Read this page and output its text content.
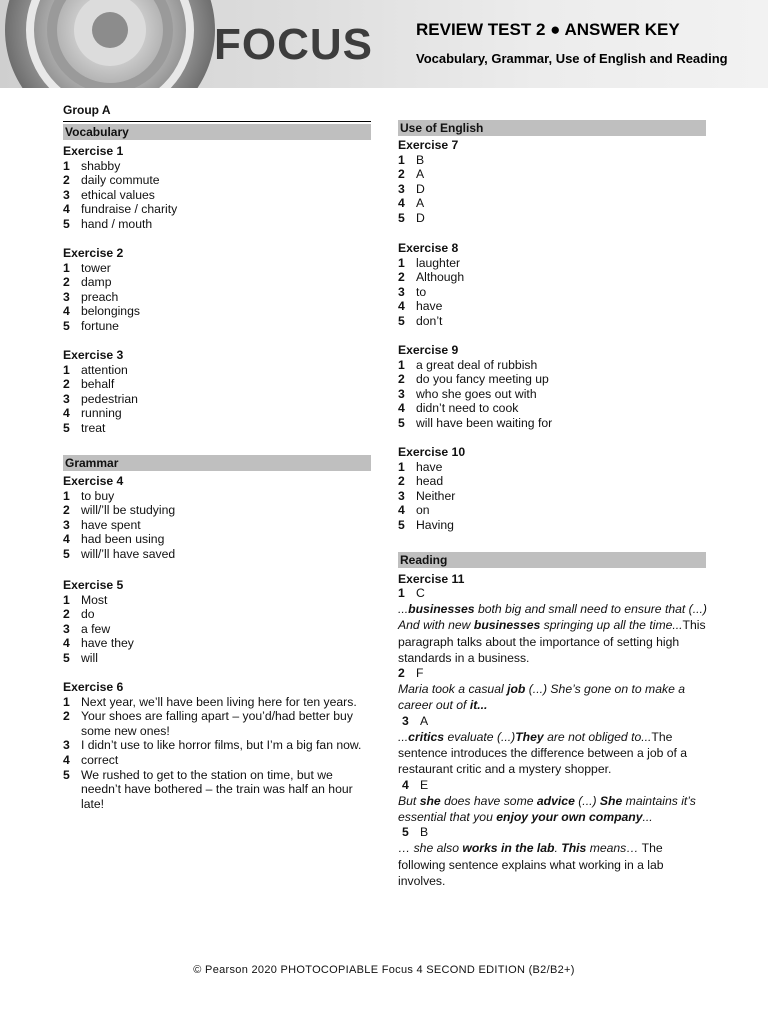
FOCUS	REVIEW TEST 2 ● ANSWER KEY
Vocabulary, Grammar, Use of English and Reading
Group A
Vocabulary
Exercise 1
1 shabby
2 daily commute
3 ethical values
4 fundraise / charity
5 hand / mouth
Exercise 2
1 tower
2 damp
3 preach
4 belongings
5 fortune
Exercise 3
1 attention
2 behalf
3 pedestrian
4 running
5 treat
Grammar
Exercise 4
1 to buy
2 will/’ll be studying
3 have spent
4 had been using
5 will/’ll have saved
Exercise 5
1 Most
2 do
3 a few
4 have they
5 will
Exercise 6
1 Next year, we’ll have been living here for ten years.
2 Your shoes are falling apart – you’d/had better buy some new ones!
3 I didn’t use to like horror films, but I’m a big fan now.
4 correct
5 We rushed to get to the station on time, but we needn’t have bothered – the train was half an hour late!
Use of English
Exercise 7
1 B
2 A
3 D
4 A
5 D
Exercise 8
1 laughter
2 Although
3 to
4 have
5 don’t
Exercise 9
1 a great deal of rubbish
2 do you fancy meeting up
3 who she goes out with
4 didn’t need to cook
5 will have been waiting for
Exercise 10
1 have
2 head
3 Neither
4 on
5 Having
Reading
Exercise 11
1 C
...businesses both big and small need to ensure that (...) And with new businesses springing up all the time...This paragraph talks about the importance of setting high standards in a business.
2 F
Maria took a casual job (...) She’s gone on to make a career out of it...
3 A
...critics evaluate (...)They are not obliged to...The sentence introduces the difference between a job of a restaurant critic and a mystery shopper.
4 E
But she does have some advice (...) She maintains it’s essential that you enjoy your own company...
5 B
… she also works in the lab. This means… The following sentence explains what working in a lab involves.
© Pearson 2020 PHOTOCOPIABLE Focus 4 SECOND EDITION (B2/B2+)
